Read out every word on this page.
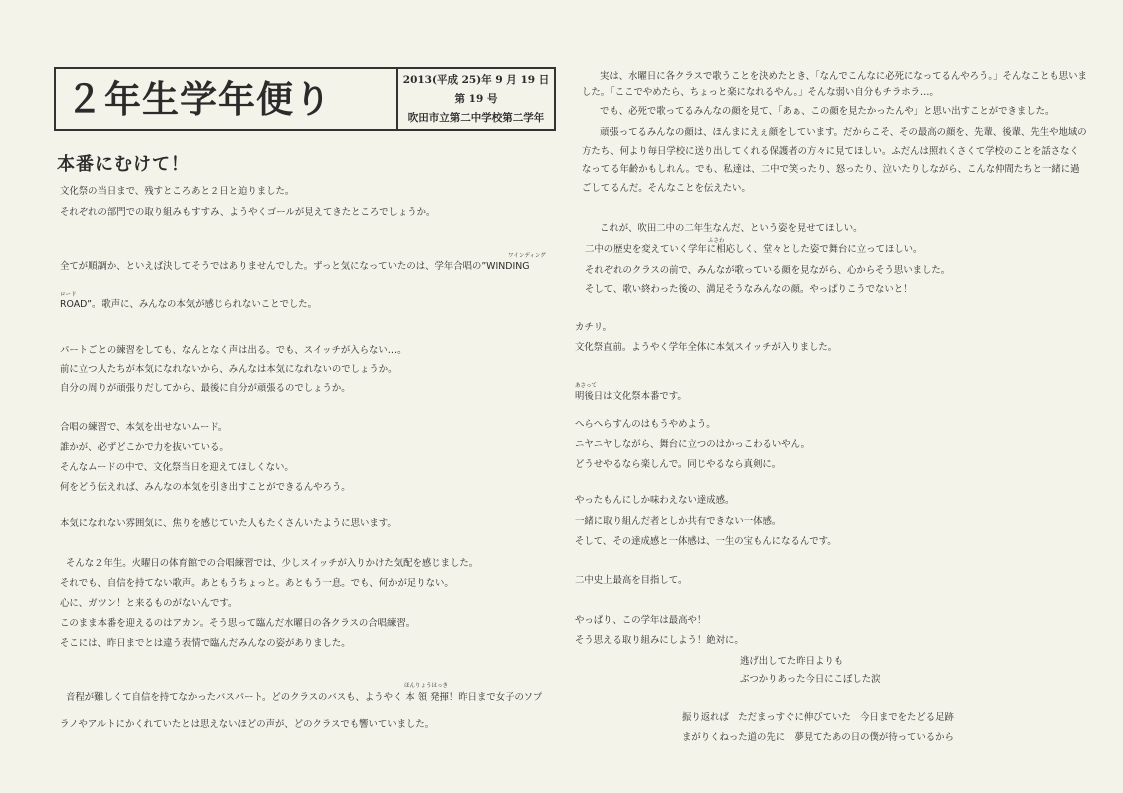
２年生学年便り	2013(平成 25)年 9 月 19 日
第 19 号
吹田市立第二中学校第二学年
本番にむけて！
文化祭の当日まで、残すところあと２日と迫りました。
それぞれの部門での取り組みもすすみ、ようやくゴールが見えてきたところでしょうか。
ワインディング
全てが順調か、といえば決してそうではありませんでした。ずっと気になっていたのは、学年合唱の”WINDING
ロード
ROAD”。歌声に、みんなの本気が感じられないことでした。
パートごとの練習をしても、なんとなく声は出る。でも、スイッチが入らない…。
前に立つ人たちが本気になれないから、みんなは本気になれないのでしょうか。
自分の周りが頑張りだしてから、最後に自分が頑張るのでしょうか。
合唱の練習で、本気を出せないムード。
誰かが、必ずどこかで力を抜いている。
そんなムードの中で、文化祭当日を迎えてほしくない。
何をどう伝えれば、みんなの本気を引き出すことができるんやろう。
本気になれない雰囲気に、焦りを感じていた人もたくさんいたように思います。
そんな２年生。火曜日の体育館での合唱練習では、少しスイッチが入りかけた気配を感じました。
それでも、自信を持てない歌声。あともうちょっと。あともう一息。でも、何かが足りない。
心に、ガツン！と来るものがないんです。
このまま本番を迎えるのはアカン。そう思って臨んだ水曜日の各クラスの合唱練習。
そこには、昨日までとは違う表情で臨んだみんなの姿がありました。
ほんりょうはっき
音程が難しくて自信を持てなかったバスパート。どのクラスのバスも、ようやく 本 領 発揮！昨日まで女子のソプ
ラノやアルトにかくれていたとは思えないほどの声が、どのクラスでも響いていました。
実は、水曜日に各クラスで歌うことを決めたとき、「なんでこんなに必死になってるんやろう。」そんなことも思いま
した。「ここでやめたら、ちょっと楽になれるやん。」そんな弱い自分もチラホラ…。
でも、必死で歌ってるみんなの顔を見て、「あぁ、この顔を見たかったんや」と思い出すことができました。
頑張ってるみんなの顔は、ほんまにえぇ顔をしています。だからこそ、その最高の顔を、先輩、後輩、先生や地域の
方たち、何より毎日学校に送り出してくれる保護者の方々に見てほしい。ふだんは照れくさくて学校のことを話さなく
なってる年齢かもしれん。でも、私達は、二中で笑ったり、怒ったり、泣いたりしながら、こんな仲間たちと一緒に過
ごしてるんだ。そんなことを伝えたい。
これが、吹田二中の二年生なんだ、という姿を見せてほしい。
ふさわ
二中の歴史を変えていく学年に相応しく、堂々とした姿で舞台に立ってほしい。
それぞれのクラスの前で、みんなが歌っている顔を見ながら、心からそう思いました。
そして、歌い終わった後の、満足そうなみんなの顔。やっぱりこうでないと！
カチリ。
文化祭直前。ようやく学年全体に本気スイッチが入りました。
あさって
明後日は文化祭本番です。
へらへらすんのはもうやめよう。
ニヤニヤしながら、舞台に立つのはかっこわるいやん。
どうせやるなら楽しんで。同じやるなら真剣に。
やったもんにしか味わえない達成感。
一緒に取り組んだ者としか共有できない一体感。
そして、その達成感と一体感は、一生の宝もんになるんです。
二中史上最高を目指して。
やっぱり、この学年は最高や！
そう思える取り組みにしよう！絶対に。
逃げ出してた昨日よりも
ぶつかりあった今日にこぼした涙
振り返れば　ただまっすぐに伸びていた　今日までをたどる足跡
まがりくねった道の先に　夢見てたあの日の僕が待っているから
